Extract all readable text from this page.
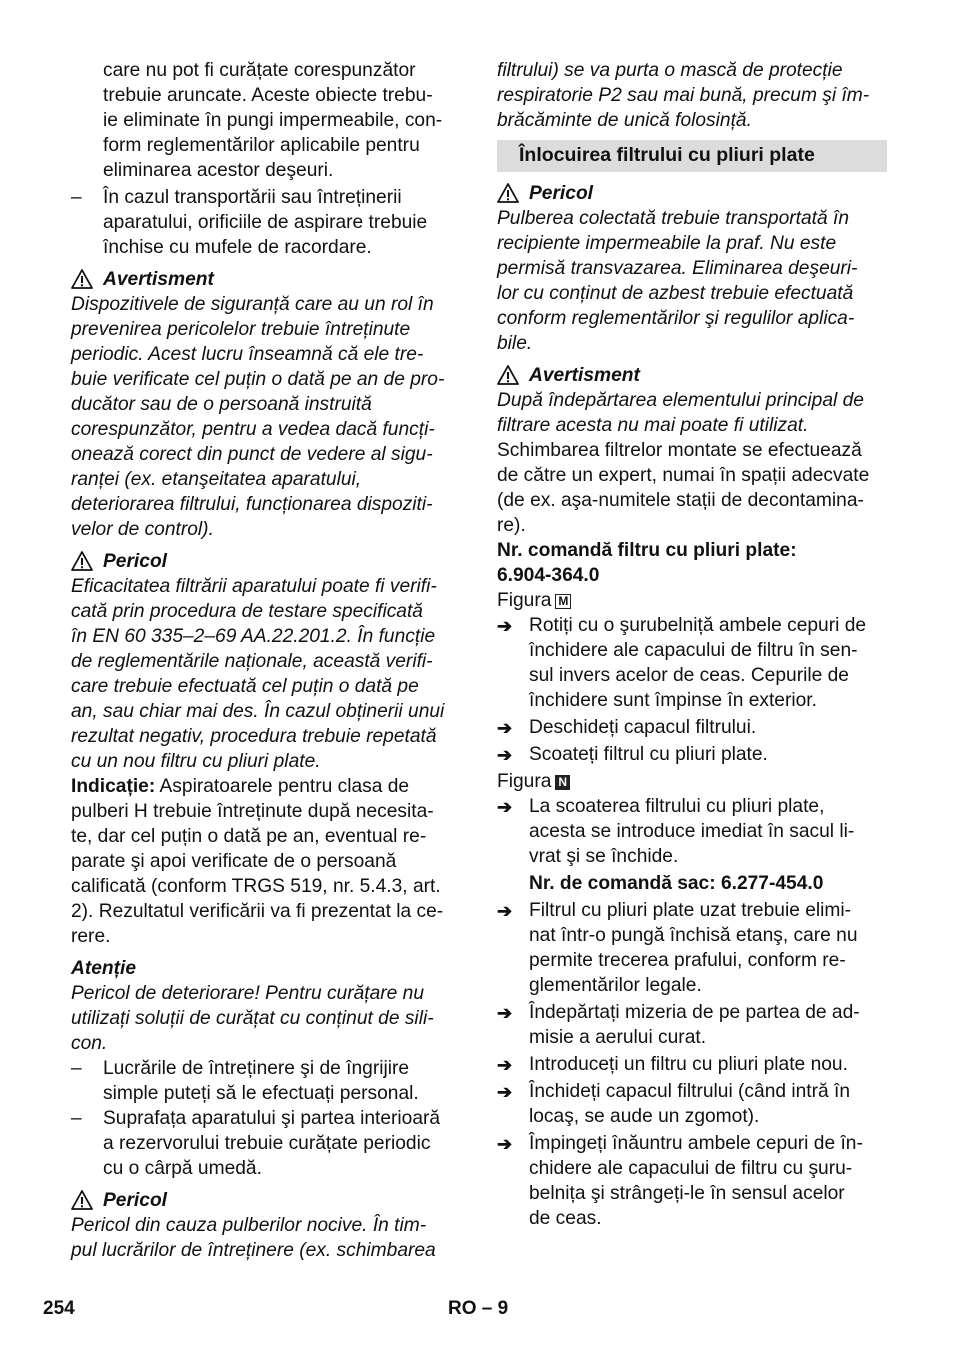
care nu pot fi curățate corespunzător
trebuie aruncate. Aceste obiecte trebu-
ie eliminate în pungi impermeabile, con-
form reglementărilor aplicabile pentru
eliminarea acestor deşeuri.
– În cazul transportării sau întreținerii
aparatului, orificiile de aspirare trebuie
închise cu mufele de racordare.
Avertisment
Dispozitivele de siguranță care au un rol în
prevenirea pericolelor trebuie întreținute
periodic. Acest lucru înseamnă că ele tre-
buie verificate cel puțin o dată pe an de pro-
ducător sau de o persoană instruită
corespunzător, pentru a vedea dacă funcți-
onează corect din punct de vedere al sigu-
ranței (ex. etanşeitatea aparatului,
deteriorarea filtrului, funcționarea dispoziti-
velor de control).
Pericol
Eficacitatea filtrării aparatului poate fi verifi-
cată prin procedura de testare specificată
în EN 60 335–2–69 AA.22.201.2. În funcție
de reglementările naționale, această verifi-
care trebuie efectuată cel puțin o dată pe
an, sau chiar mai des. În cazul obținerii unui
rezultat negativ, procedura trebuie repetată
cu un nou filtru cu pliuri plate.
Indicație: Aspiratoarele pentru clasa de
pulberi H trebuie întreținute după necesita-
te, dar cel puțin o dată pe an, eventual re-
parate şi apoi verificate de o persoană
calificată (conform TRGS 519, nr. 5.4.3, art.
2). Rezultatul verificării va fi prezentat la ce-
rere.
Atenție
Pericol de deteriorare! Pentru curățare nu
utilizați soluții de curățat cu conținut de sili-
con.
– Lucrările de întreținere şi de îngrijire
simple puteți să le efectuați personal.
– Suprafața aparatului şi partea interioară
a rezervorului trebuie curățate periodic
cu o cârpă umedă.
Pericol
Pericol din cauza pulberilor nocive. În tim-
pul lucrărilor de întreținere (ex. schimbarea
filtrului) se va purta o mască de protecție
respiratorie P2 sau mai bună, precum şi îm-
brăcăminte de unică folosință.
Înlocuirea filtrului cu pliuri plate
Pericol
Pulberea colectată trebuie transportată în
recipiente impermeabile la praf. Nu este
permisă transvazarea. Eliminarea deşeuri-
lor cu conținut de azbest trebuie efectuată
conform reglementărilor şi regulilor aplica-
bile.
Avertisment
După îndepărtarea elementului principal de
filtrare acesta nu mai poate fi utilizat.
Schimbarea filtrelor montate se efectuează
de către un expert, numai în spații adecvate
(de ex. aşa-numitele stații de decontamina-
re).
Nr. comandă filtru cu pliuri plate:
6.904-364.0
Figura M
➔ Rotiți cu o şurubelniță ambele cepuri de
închidere ale capacului de filtru în sen-
sul invers acelor de ceas. Cepurile de
închidere sunt împinse în exterior.
➔ Deschideți capacul filtrului.
➔ Scoateți filtrul cu pliuri plate.
Figura N
➔ La scoaterea filtrului cu pliuri plate,
acesta se introduce imediat în sacul li-
vrat şi se închide.
Nr. de comandă sac: 6.277-454.0
➔ Filtrul cu pliuri plate uzat trebuie elimi-
nat într-o pungă închisă etanş, care nu
permite trecerea prafului, conform re-
glementărilor legale.
➔ Îndepărtați mizeria de pe partea de ad-
misie a aerului curat.
➔ Introduceți un filtru cu pliuri plate nou.
➔ Închideți capacul filtrului (când intră în
locaş, se aude un zgomot).
➔ Împingeți înăuntru ambele cepuri de în-
chidere ale capacului de filtru cu şuru-
belnița şi strângeți-le în sensul acelor
de ceas.
254	RO – 9
